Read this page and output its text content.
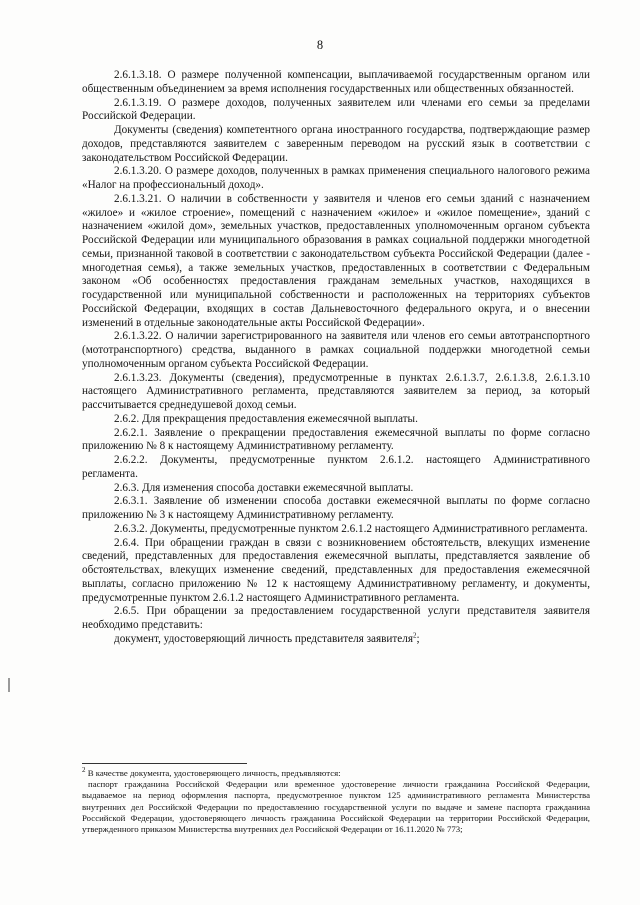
8

2.6.1.3.18. О размере полученной компенсации, выплачиваемой государственным органом или общественным объединением за время исполнения государственных или общественных обязанностей.

2.6.1.3.19. О размере доходов, полученных заявителем или членами его семьи за пределами Российской Федерации.

Документы (сведения) компетентного органа иностранного государства, подтверждающие размер доходов, представляются заявителем с заверенным переводом на русский язык в соответствии с законодательством Российской Федерации.

2.6.1.3.20. О размере доходов, полученных в рамках применения специального налогового режима «Налог на профессиональный доход».

2.6.1.3.21. О наличии в собственности у заявителя и членов его семьи зданий с назначением «жилое» и «жилое строение», помещений с назначением «жилое» и «жилое помещение», зданий с назначением «жилой дом», земельных участков, предоставленных уполномоченным органом субъекта Российской Федерации или муниципального образования в рамках социальной поддержки многодетной семьи, признанной таковой в соответствии с законодательством субъекта Российской Федерации (далее - многодетная семья), а также земельных участков, предоставленных в соответствии с Федеральным законом «Об особенностях предоставления гражданам земельных участков, находящихся в государственной или муниципальной собственности и расположенных на территориях субъектов Российской Федерации, входящих в состав Дальневосточного федерального округа, и о внесении изменений в отдельные законодательные акты Российской Федерации».

2.6.1.3.22. О наличии зарегистрированного на заявителя или членов его семьи автотранспортного (мототранспортного) средства, выданного в рамках социальной поддержки многодетной семьи уполномоченным органом субъекта Российской Федерации.

2.6.1.3.23. Документы (сведения), предусмотренные в пунктах 2.6.1.3.7, 2.6.1.3.8, 2.6.1.3.10 настоящего Административного регламента, представляются заявителем за период, за который рассчитывается среднедушевой доход семьи.

2.6.2. Для прекращения предоставления ежемесячной выплаты.

2.6.2.1. Заявление о прекращении предоставления ежемесячной выплаты по форме согласно приложению № 8 к настоящему Административному регламенту.

2.6.2.2. Документы, предусмотренные пунктом 2.6.1.2. настоящего Административного регламента.

2.6.3. Для изменения способа доставки ежемесячной выплаты.

2.6.3.1. Заявление об изменении способа доставки ежемесячной выплаты по форме согласно приложению № 3 к настоящему Административному регламенту.

2.6.3.2. Документы, предусмотренные пунктом 2.6.1.2 настоящего Административного регламента.

2.6.4. При обращении граждан в связи с возникновением обстоятельств, влекущих изменение сведений, представленных для предоставления ежемесячной выплаты, представляется заявление об обстоятельствах, влекущих изменение сведений, представленных для предоставления ежемесячной выплаты, согласно приложению № 12 к настоящему Административному регламенту, и документы, предусмотренные пунктом 2.6.1.2 настоящего Административного регламента.

2.6.5. При обращении за предоставлением государственной услуги представителя заявителя необходимо представить:

документ, удостоверяющий личность представителя заявителя$^2$;

$^2$ В качестве документа, удостоверяющего личность, предъявляются:

паспорт гражданина Российской Федерации или временное удостоверение личности гражданина Российской Федерации, выдаваемое на период оформления паспорта, предусмотренное пунктом 125 административного регламента Министерства внутренних дел Российской Федерации по предоставлению государственной услуги по выдаче и замене паспорта гражданина Российской Федерации, удостоверяющего личность гражданина Российской Федерации на территории Российской Федерации, утвержденного приказом Министерства внутренних дел Российской Федерации от 16.11.2020 № 773;
